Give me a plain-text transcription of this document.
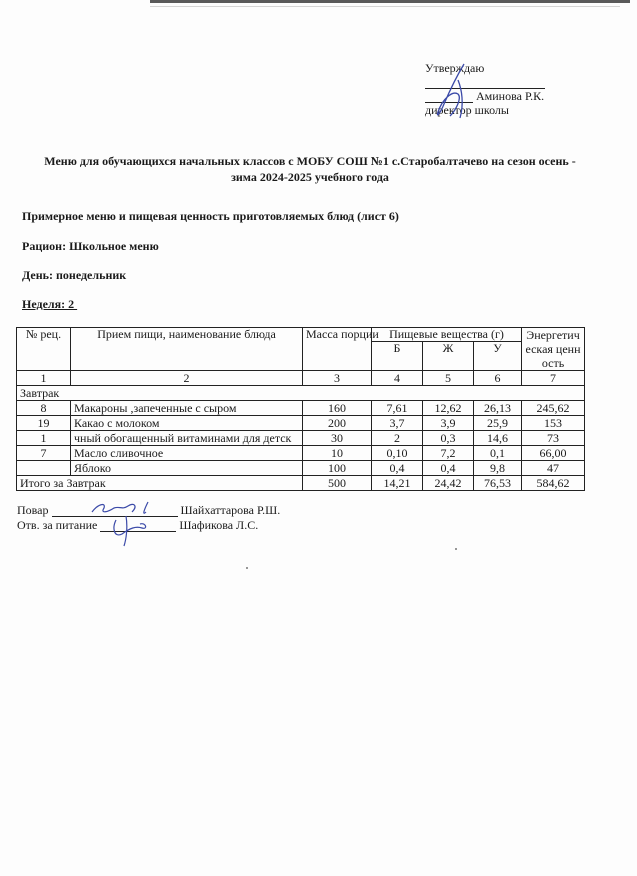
Утверждаю
Аминова Р.К.
директор школы
Меню для обучающихся начальных классов с МОБУ СОШ №1 с.Старобалтачево на сезон осень -
зима 2024-2025 учебного года
Примерное меню и пищевая ценность приготовляемых блюд (лист 6)
Рацион: Школьное меню
День: понедельник
Неделя: 2
№ рец.	Прием пищи, наименование блюда	Масса порции	Пищевые вещества (г)			Энергетическая ценность
			Б	Ж	У	
1	2	3	4	5	6	7
Завтрак						
8	Макароны ,запеченные с сыром	160	7,61	12,62	26,13	245,62
19	Какао с молоком	200	3,7	3,9	25,9	153
1	чный обогащенный витаминами для детск	30	2	0,3	14,6	73
7	Масло сливочное	10	0,10	7,2	0,1	66,00
	Яблоко	100	0,4	0,4	9,8	47
Итого за Завтрак		500	14,21	24,42	76,53	584,62
Повар	Шайхаттарова Р.Ш.
Отв. за питание	Шафикова Л.С.
